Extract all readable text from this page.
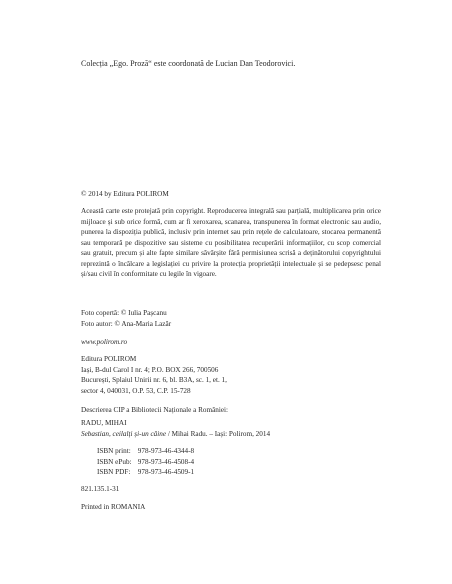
Colecția „Ego. Proză“ este coordonată de Lucian Dan Teodorovici.
© 2014 by Editura POLIROM
Această carte este protejată prin copyright. Reproducerea integrală sau parțială, multiplicarea prin orice mijloace și sub orice formă, cum ar fi xeroxarea, scanarea, transpunerea în format electronic sau audio, punerea la dispoziția publică, inclusiv prin internet sau prin rețele de calculatoare, stocarea permanentă sau temporară pe dispozitive sau sisteme cu posibilitatea recuperării informațiilor, cu scop comercial sau gratuit, precum și alte fapte similare săvârșite fără permisiunea scrisă a deținătorului copyrightului reprezintă o încălcare a legislației cu privire la protecția proprietății intelectuale și se pedepsesc penal și/sau civil în conformitate cu legile în vigoare.
Foto copertă: © Iulia Pașcanu
Foto autor: © Ana-Maria Lazăr
www.polirom.ro
Editura POLIROM
Iași, B-dul Carol I nr. 4; P.O. BOX 266, 700506
București, Splaiul Unirii nr. 6, bl. B3A, sc. 1, et. 1,
sector 4, 040031, O.P. 53, C.P. 15-728
Descrierea CIP a Bibliotecii Naționale a României:
RADU, MIHAI
Sebastian, ceilalți și-un câine / Mihai Radu. – Iași: Polirom, 2014
ISBN print: 978-973-46-4344-8
ISBN ePub: 978-973-46-4508-4
ISBN PDF: 978-973-46-4509-1
821.135.1-31
Printed in ROMANIA
